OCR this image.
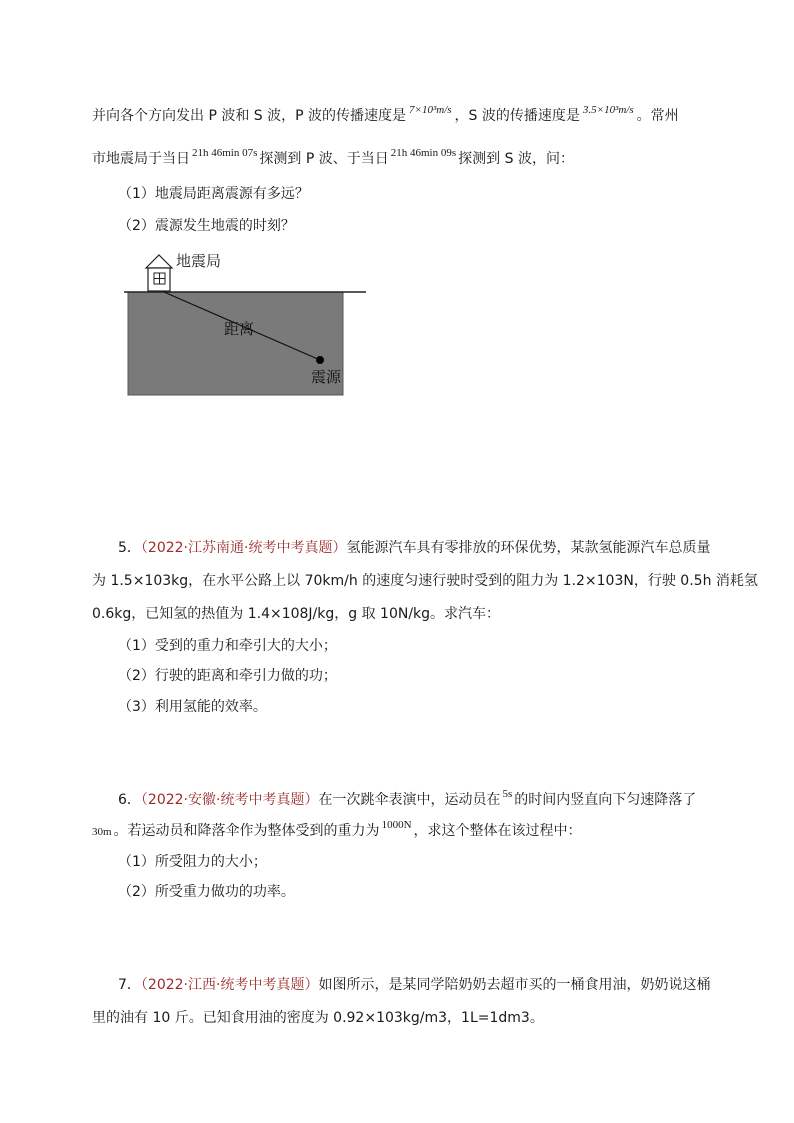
并向各个方向发出 P 波和 S 波，P 波的传播速度是 $^{7\times 10^3m/s}$ ，S 波的传播速度是 $^{3.5\times 10^3m/s}$ 。常州
市地震局于当日 $^{21h 46min 07s}$ 探测到 P 波、于当日 $^{21h 46min 09s}$ 探测到 S 波，问：
（1）地震局距离震源有多远？
（2）震源发生地震的时刻？
地震局
距离
震源
5．（2022·江苏南通·统考中考真题）氢能源汽车具有零排放的环保优势，某款氢能源汽车总质量
为 1.5×103kg，在水平公路上以 70km/h 的速度匀速行驶时受到的阻力为 1.2×103N，行驶 0.5h 消耗氢
0.6kg，已知氢的热值为 1.4×108J/kg，g 取 10N/kg。求汽车：
（1）受到的重力和牵引大的大小；
（2）行驶的距离和牵引力做的功；
（3）利用氢能的效率。
6．（2022·安徽·统考中考真题）在一次跳伞表演中，运动员在 $^{5s}$ 的时间内竖直向下匀速降落了
30m 。若运动员和降落伞作为整体受到的重力为 $^{1000N}$ ，求这个整体在该过程中：
（1）所受阻力的大小；
（2）所受重力做功的功率。
7．（2022·江西·统考中考真题）如图所示，是某同学陪奶奶去超市买的一桶食用油，奶奶说这桶
里的油有 10 斤。已知食用油的密度为 0.92×103kg/m3，1L=1dm3。
